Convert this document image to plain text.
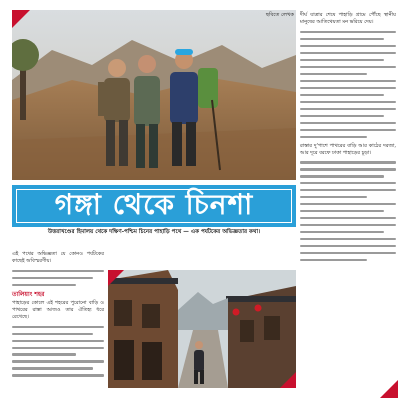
ছবিতে লেখক
গঙ্গা থেকে চিনশা
উত্তরাখণ্ডের হিমালয় থেকে দক্ষিণ-পশ্চিম চিনের পাহাড়ি পথে — এক পর্যটকের অভিজ্ঞতার কথা।
দীর্ঘ যাত্রার শেষে পাহাড়ি গ্রামে পৌঁছে স্থানীয় মানুষের আতিথেয়তা মন ভরিয়ে দেয়।
রাস্তার দু'পাশে পাথরের বাড়ি আর কাঠের দরজা, আর দূরে বরফে ঢাকা পাহাড়ের চূড়া।
এই পথের অভিজ্ঞতা যে কোনও পর্যটকের কাছেই অবিস্মরণীয়।
তালিয়াং শহর
পাহাড়ের কোলে এই শহরের পুরোনো বাড়ি ও পাথরের রাস্তা আজও তার ঐতিহ্য ধরে রেখেছে।
